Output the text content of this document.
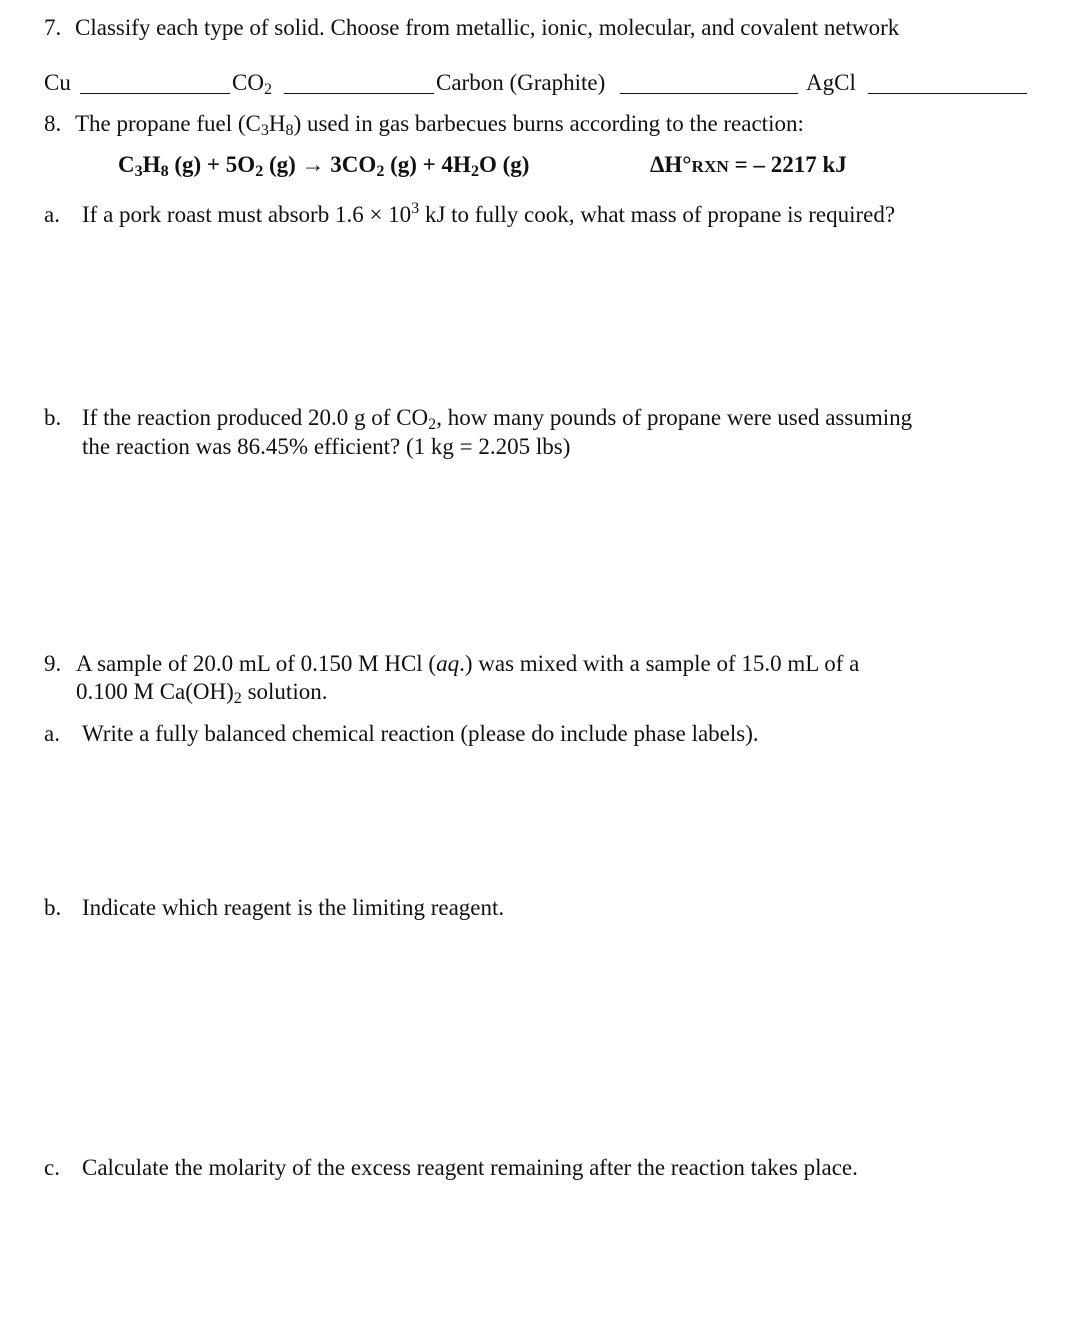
7. Classify each type of solid. Choose from metallic, ionic, molecular, and covalent network
Cu	$CO_2$	Carbon (Graphite)	AgCl
8. The propane fuel $(C_3H_8)$ used in gas barbecues burns according to the reaction:
$C_3H_8$ $(g) + 5O_2$ $(g) \to 3CO_2$ $(g) + 4H_2O$ (g)	ΔH°RXN = – 2217 kJ
a. If a pork roast must absorb $1.6 \times 10^3$ kJ to fully cook, what mass of propane is required?
b. If the reaction produced 20.0 g of $CO_2$, how many pounds of propane were used assuming
the reaction was 86.45% efficient? (1 kg = 2.205 lbs)
9. A sample of 20.0 mL of 0.150 M HCl (aq.) was mixed with a sample of 15.0 mL of a
0.100 M $Ca(OH)_2$ solution.
a. Write a fully balanced chemical reaction (please do include phase labels).
b. Indicate which reagent is the limiting reagent.
c. Calculate the molarity of the excess reagent remaining after the reaction takes place.
